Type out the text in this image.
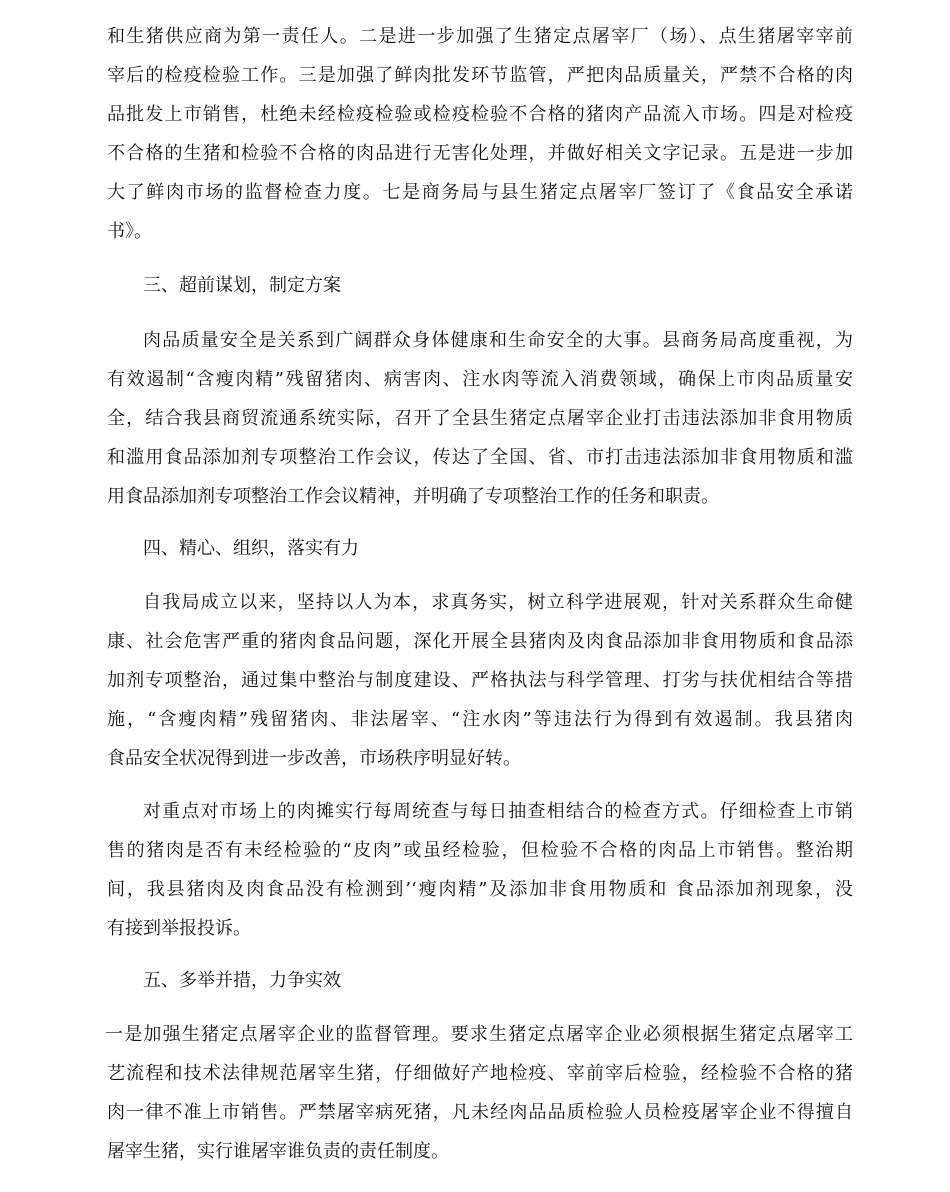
和生猪供应商为第一责任人。二是进一步加强了生猪定点屠宰厂（场）、点生猪屠宰宰前
宰后的检疫检验工作。三是加强了鲜肉批发环节监管，严把肉品质量关，严禁不合格的肉
品批发上市销售，杜绝未经检疫检验或检疫检验不合格的猪肉产品流入市场。四是对检疫
不合格的生猪和检验不合格的肉品进行无害化处理，并做好相关文字记录。五是进一步加
大了鲜肉市场的监督检查力度。七是商务局与县生猪定点屠宰厂签订了《食品安全承诺
书》。
三、超前谋划，制定方案
肉品质量安全是关系到广阔群众身体健康和生命安全的大事。县商务局高度重视，为
有效遏制“含瘦肉精”残留猪肉、病害肉、注水肉等流入消费领域，确保上市肉品质量安
全，结合我县商贸流通系统实际，召开了全县生猪定点屠宰企业打击违法添加非食用物质
和滥用食品添加剂专项整治工作会议，传达了全国、省、市打击违法添加非食用物质和滥
用食品添加剂专项整治工作会议精神，并明确了专项整治工作的任务和职责。
四、精心、组织，落实有力
自我局成立以来，坚持以人为本，求真务实，树立科学进展观，针对关系群众生命健
康、社会危害严重的猪肉食品问题，深化开展全县猪肉及肉食品添加非食用物质和食品添
加剂专项整治，通过集中整治与制度建设、严格执法与科学管理、打劣与扶优相结合等措
施，“含瘦肉精”残留猪肉、非法屠宰、“注水肉”等违法行为得到有效遏制。我县猪肉
食品安全状况得到进一步改善，市场秩序明显好转。
对重点对市场上的肉摊实行每周统查与每日抽查相结合的检查方式。仔细检查上市销
售的猪肉是否有未经检验的“皮肉”或虽经检验，但检验不合格的肉品上市销售。整治期
间，我县猪肉及肉食品没有检测到’‘瘦肉精”及添加非食用物质和 食品添加剂现象，没
有接到举报投诉。
五、多举并措，力争实效
一是加强生猪定点屠宰企业的监督管理。要求生猪定点屠宰企业必须根据生猪定点屠宰工
艺流程和技术法律规范屠宰生猪，仔细做好产地检疫、宰前宰后检验，经检验不合格的猪
肉一律不准上市销售。严禁屠宰病死猪，凡未经肉品品质检验人员检疫屠宰企业不得擅自
屠宰生猪，实行谁屠宰谁负责的责任制度。
